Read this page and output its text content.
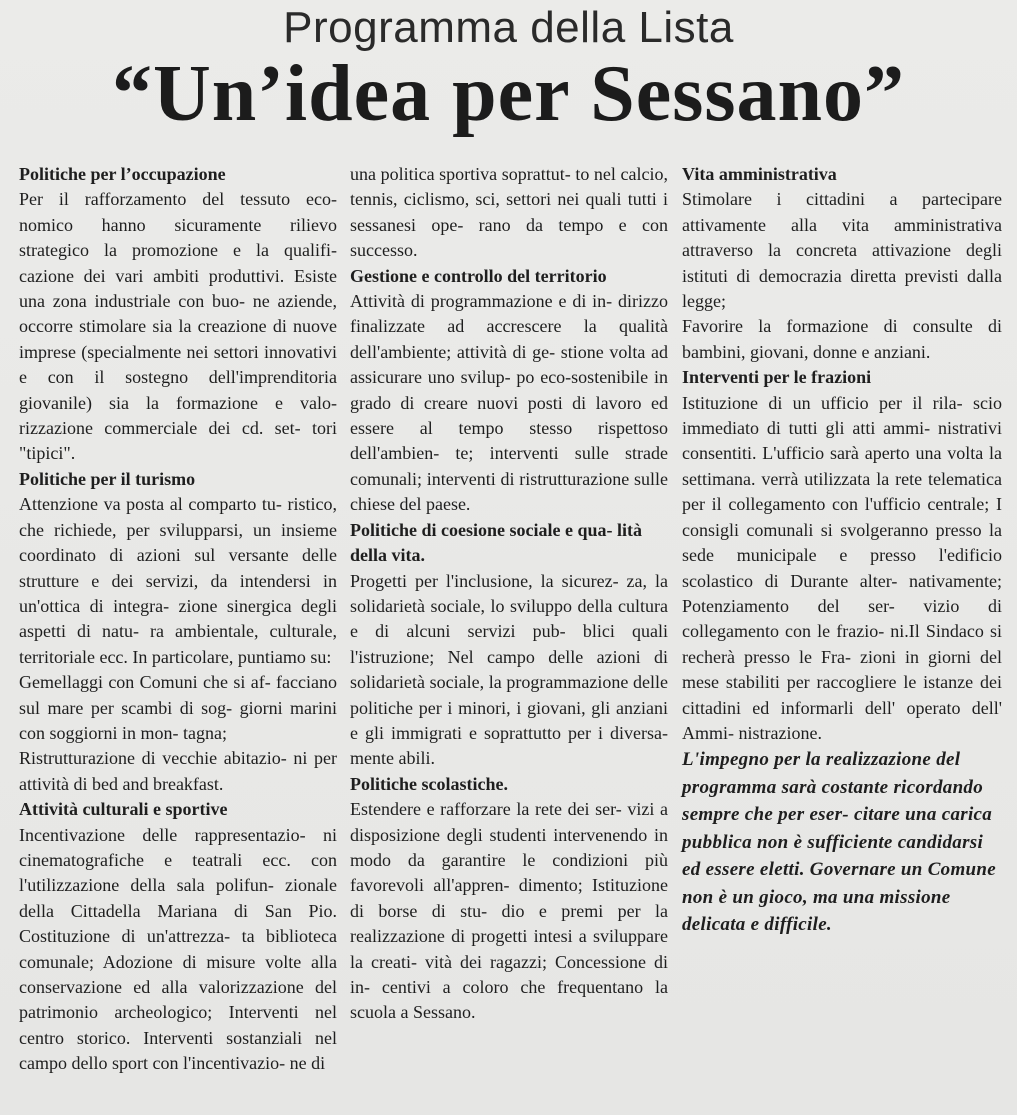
Programma della Lista
“Un’idea per Sessano”
Politiche per l’occupazione

Per il rafforzamento del tessuto eco- nomico hanno sicuramente rilievo strategico la promozione e la qualifi- cazione dei vari ambiti produttivi. Esiste una zona industriale con buo- ne aziende, occorre stimolare sia la creazione di nuove imprese (specialmente nei settori innovativi e con il sostegno dell'imprenditoria giovanile) sia la formazione e valo- rizzazione commerciale dei cd. set- tori "tipici".

Politiche per il turismo

Attenzione va posta al comparto tu- ristico, che richiede, per svilupparsi, un insieme coordinato di azioni sul versante delle strutture e dei servizi, da intendersi in un'ottica di integra- zione sinergica degli aspetti di natu- ra ambientale, culturale, territoriale ecc. In particolare, puntiamo su:

Gemellaggi con Comuni che si af- facciano sul mare per scambi di sog- giorni marini con soggiorni in mon- tagna;

Ristrutturazione di vecchie abitazio- ni per attività di bed and breakfast.

Attività culturali e sportive

Incentivazione delle rappresentazio- ni cinematografiche e teatrali ecc. con l'utilizzazione della sala polifun- zionale della Cittadella Mariana di San Pio. Costituzione di un'attrezza- ta biblioteca comunale; Adozione di misure volte alla conservazione ed alla valorizzazione del patrimonio archeologico; Interventi nel centro storico. Interventi sostanziali nel campo dello sport con l'incentivazio- ne di

una politica sportiva soprattut- to nel calcio, tennis, ciclismo, sci, settori nei quali tutti i sessanesi ope- rano da tempo e con successo.

Gestione e controllo del territorio

Attività di programmazione e di in- dirizzo finalizzate ad accrescere la qualità dell'ambiente; attività di ge- stione volta ad assicurare uno svilup- po eco-sostenibile in grado di creare nuovi posti di lavoro ed essere al tempo stesso rispettoso dell'ambien- te; interventi sulle strade comunali; interventi di ristrutturazione sulle chiese del paese.

Politiche di coesione sociale e qua- lità della vita.

Progetti per l'inclusione, la sicurez- za, la solidarietà sociale, lo sviluppo della cultura e di alcuni servizi pub- blici quali l'istruzione; Nel campo delle azioni di solidarietà sociale, la programmazione delle politiche per i minori, i giovani, gli anziani e gli immigrati e soprattutto per i diversa- mente abili.

Politiche scolastiche.

Estendere e rafforzare la rete dei ser- vizi a disposizione degli studenti intervenendo in modo da garantire le condizioni più favorevoli all'appren- dimento; Istituzione di borse di stu- dio e premi per la realizzazione di progetti intesi a sviluppare la creati- vità dei ragazzi; Concessione di in- centivi a coloro che frequentano la scuola a Sessano.

Vita amministrativa

Stimolare i cittadini a partecipare attivamente alla vita amministrativa attraverso la concreta attivazione degli istituti di democrazia diretta previsti dalla legge;

Favorire la formazione di consulte di bambini, giovani, donne e anziani.

Interventi per le frazioni

Istituzione di un ufficio per il rila- scio immediato di tutti gli atti ammi- nistrativi consentiti. L'ufficio sarà aperto una volta la settimana. verrà utilizzata la rete telematica per il collegamento con l'ufficio centrale; I consigli comunali si svolgeranno presso la sede municipale e presso l'edificio scolastico di Durante alter- nativamente; Potenziamento del ser- vizio di collegamento con le frazio- ni.Il Sindaco si recherà presso le Fra- zioni in giorni del mese stabiliti per raccogliere le istanze dei cittadini ed informarli dell' operato dell' Ammi- nistrazione.

L'impegno per la realizzazione del programma sarà costante ricordando sempre che per eser- citare una carica pubblica non è sufficiente candidarsi ed essere eletti. Governare un Comune non è un gioco, ma una missione delicata e difficile.
